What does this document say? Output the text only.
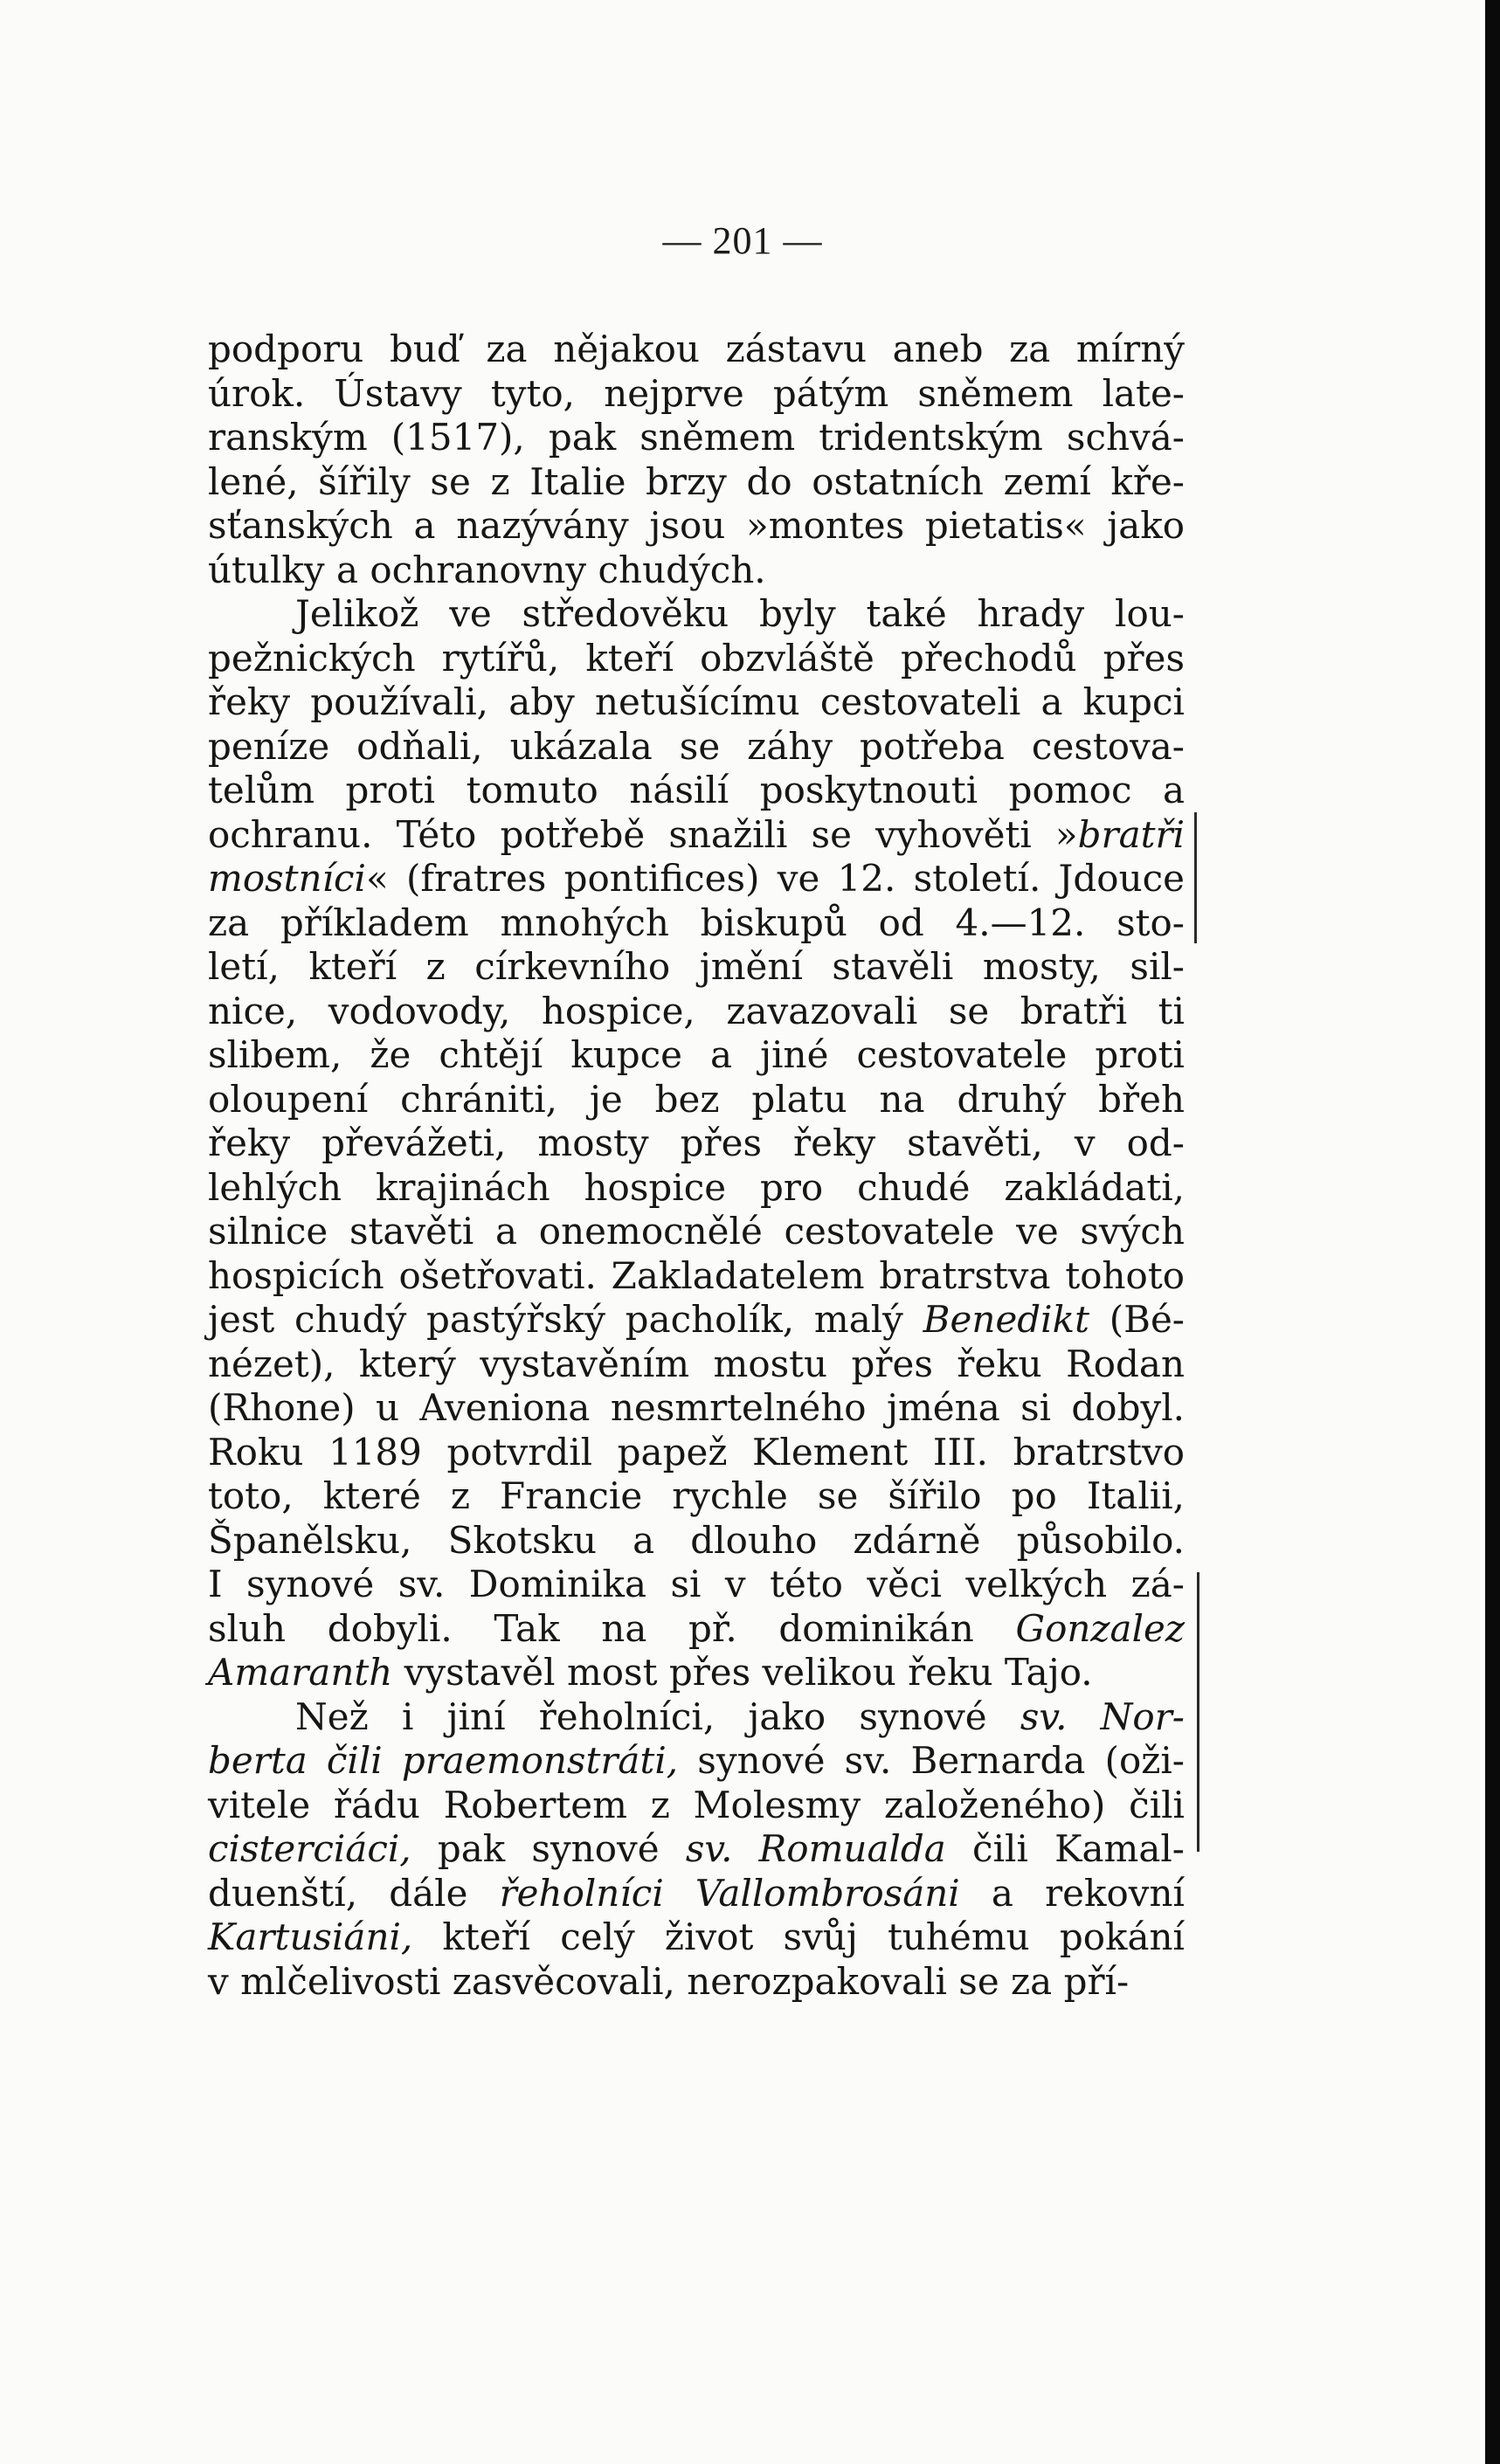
— 201 —
podporu buď za nějakou zástavu aneb za mírný
úrok. Ústavy tyto, nejprve pátým sněmem late-
ranským (1517), pak sněmem tridentským schvá-
lené, šířily se z Italie brzy do ostatních zemí kře-
sťanských a nazývány jsou »montes pietatis« jako
útulky a ochranovny chudých.
Jelikož ve středověku byly také hrady lou-
pežnických rytířů, kteří obzvláště přechodů přes
řeky používali, aby netušícímu cestovateli a kupci
peníze odňali, ukázala se záhy potřeba cestova-
telům proti tomuto násilí poskytnouti pomoc a
ochranu. Této potřebě snažili se vyhověti »bratři
mostníci« (fratres pontifices) ve 12. století. Jdouce
za příkladem mnohých biskupů od 4.—12. sto-
letí, kteří z církevního jmění stavěli mosty, sil-
nice, vodovody, hospice, zavazovali se bratři ti
slibem, že chtějí kupce a jiné cestovatele proti
oloupení chrániti, je bez platu na druhý břeh
řeky převážeti, mosty přes řeky stavěti, v od-
lehlých krajinách hospice pro chudé zakládati,
silnice stavěti a onemocnělé cestovatele ve svých
hospicích ošetřovati. Zakladatelem bratrstva tohoto
jest chudý pastýřský pacholík, malý Benedikt (Bé-
nézet), který vystavěním mostu přes řeku Rodan
(Rhone) u Aveniona nesmrtelného jména si dobyl.
Roku 1189 potvrdil papež Klement III. bratrstvo
toto, které z Francie rychle se šířilo po Italii,
Španělsku, Skotsku a dlouho zdárně působilo.
I synové sv. Dominika si v této věci velkých zá-
sluh dobyli. Tak na př. dominikán Gonzalez
Amaranth vystavěl most přes velikou řeku Tajo.
Než i jiní řeholníci, jako synové sv. Nor-
berta čili praemonstráti, synové sv. Bernarda (oži-
vitele řádu Robertem z Molesmy založeného) čili
cisterciáci, pak synové sv. Romualda čili Kamal-
duenští, dále řeholníci Vallombrosáni a rekovní
Kartusiáni, kteří celý život svůj tuhému pokání
v mlčelivosti zasvěcovali, nerozpakovali se za pří-
